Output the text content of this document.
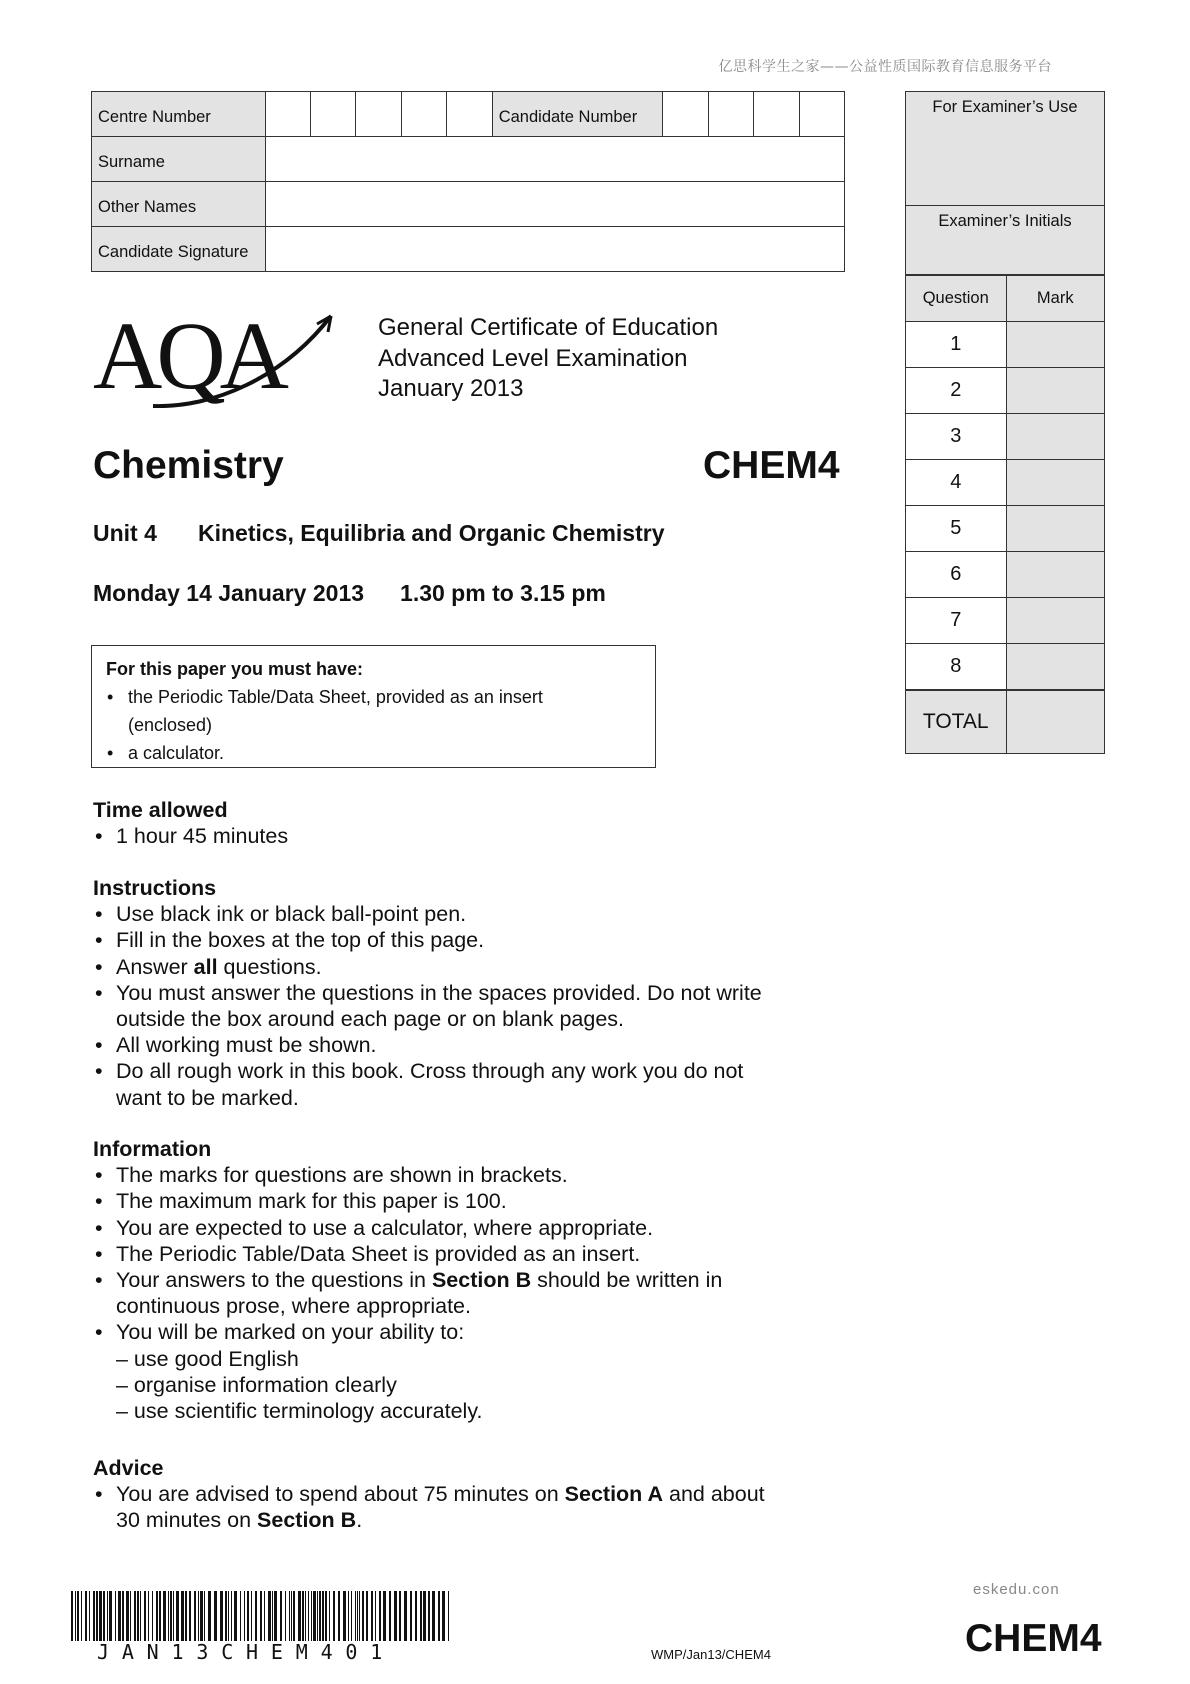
亿思科学生之家——公益性质国际教育信息服务平台
Centre Number						Candidate Number				
Surname										
Other Names										
Candidate Signature										
For Examiner’s Use
Examiner’s Initials
Question	Mark
1	
2	
3	
4	
5	
6	
7	
8	
TOTAL	
AQA	General Certificate of Education
Advanced Level Examination
January 2013
Chemistry	CHEM4
Unit 4 Kinetics, Equilibria and Organic Chemistry
Monday 14 January 2013 1.30 pm to 3.15 pm
For this paper you must have:
• the Periodic Table/Data Sheet, provided as an insert
(enclosed)
• a calculator.
Time allowed
• 1 hour 45 minutes
Instructions
• Use black ink or black ball-point pen.
• Fill in the boxes at the top of this page.
• Answer all questions.
• You must answer the questions in the spaces provided. Do not write
outside the box around each page or on blank pages.
• All working must be shown.
• Do all rough work in this book. Cross through any work you do not
want to be marked.
Information
• The marks for questions are shown in brackets.
• The maximum mark for this paper is 100.
• You are expected to use a calculator, where appropriate.
• The Periodic Table/Data Sheet is provided as an insert.
• Your answers to the questions in Section B should be written in
continuous prose, where appropriate.
• You will be marked on your ability to:
– use good English
– organise information clearly
– use scientific terminology accurately.
Advice
• You are advised to spend about 75 minutes on Section A and about
30 minutes on Section B.
JAN13CHEM401	WMP/Jan13/CHEM4
eskedu.con
CHEM4
